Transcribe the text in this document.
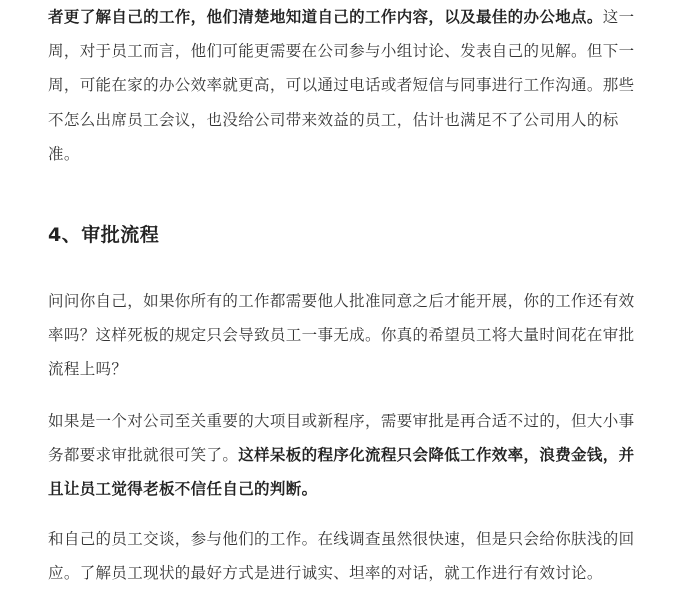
者更了解自己的工作，他们清楚地知道自己的工作内容，以及最佳的办公地点。这一周，对于员工而言，他们可能更需要在公司参与小组讨论、发表自己的见解。但下一周，可能在家的办公效率就更高，可以通过电话或者短信与同事进行工作沟通。那些不怎么出席员工会议，也没给公司带来效益的员工，估计也满足不了公司用人的标准。

4、审批流程

问问你自己，如果你所有的工作都需要他人批准同意之后才能开展，你的工作还有效率吗？这样死板的规定只会导致员工一事无成。你真的希望员工将大量时间花在审批流程上吗？

如果是一个对公司至关重要的大项目或新程序，需要审批是再合适不过的，但大小事务都要求审批就很可笑了。这样呆板的程序化流程只会降低工作效率，浪费金钱，并且让员工觉得老板不信任自己的判断。

和自己的员工交谈，参与他们的工作。在线调查虽然很快速，但是只会给你肤浅的回应。了解员工现状的最好方式是进行诚实、坦率的对话，就工作进行有效讨论。
